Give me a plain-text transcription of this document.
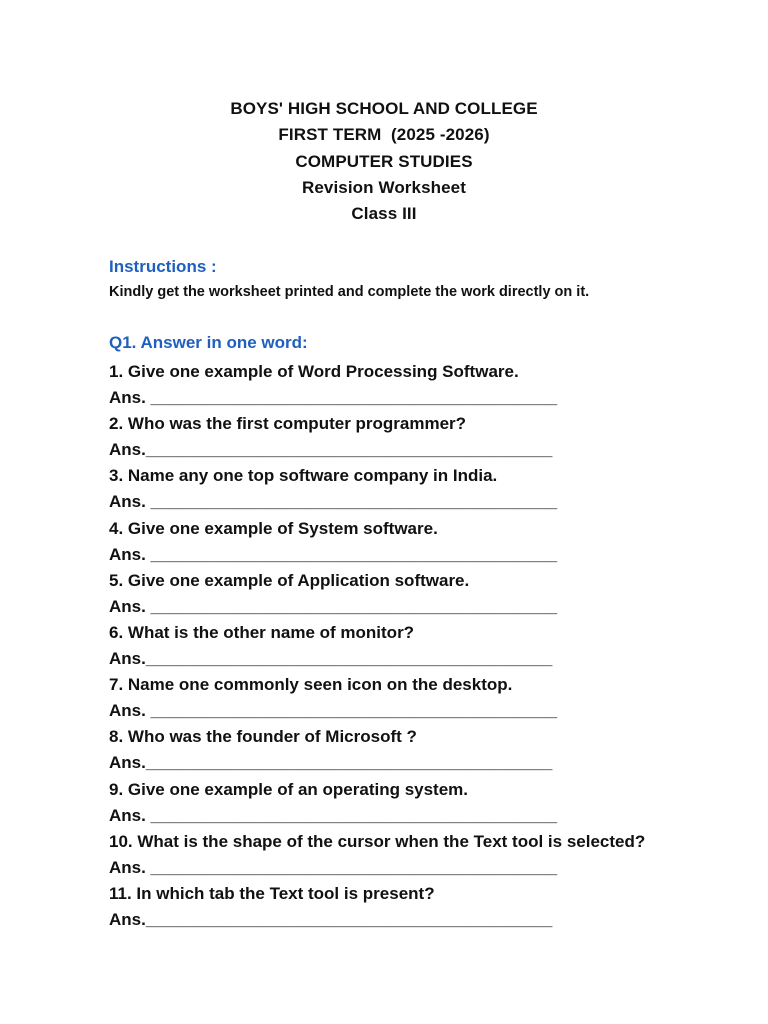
BOYS' HIGH SCHOOL AND COLLEGE
FIRST TERM  (2025 -2026)
COMPUTER STUDIES
Revision Worksheet
Class III
Instructions :
Kindly get the worksheet printed and complete the work directly on it.
Q1. Answer in one word:
1. Give one example of Word Processing Software.
Ans. ___________________________________________
2. Who was the first computer programmer?
Ans.___________________________________________
3. Name any one top software company in India.
Ans. ___________________________________________
4. Give one example of System software.
Ans. ___________________________________________
5. Give one example of Application software.
Ans. ___________________________________________
6. What is the other name of monitor?
Ans.___________________________________________
7. Name one commonly seen icon on the desktop.
Ans. ___________________________________________
8. Who was the founder of Microsoft ?
Ans.___________________________________________
9. Give one example of an operating system.
Ans. ___________________________________________
10. What is the shape of the cursor when the Text tool is selected?
Ans. ___________________________________________
11. In which tab the Text tool is present?
Ans.___________________________________________
